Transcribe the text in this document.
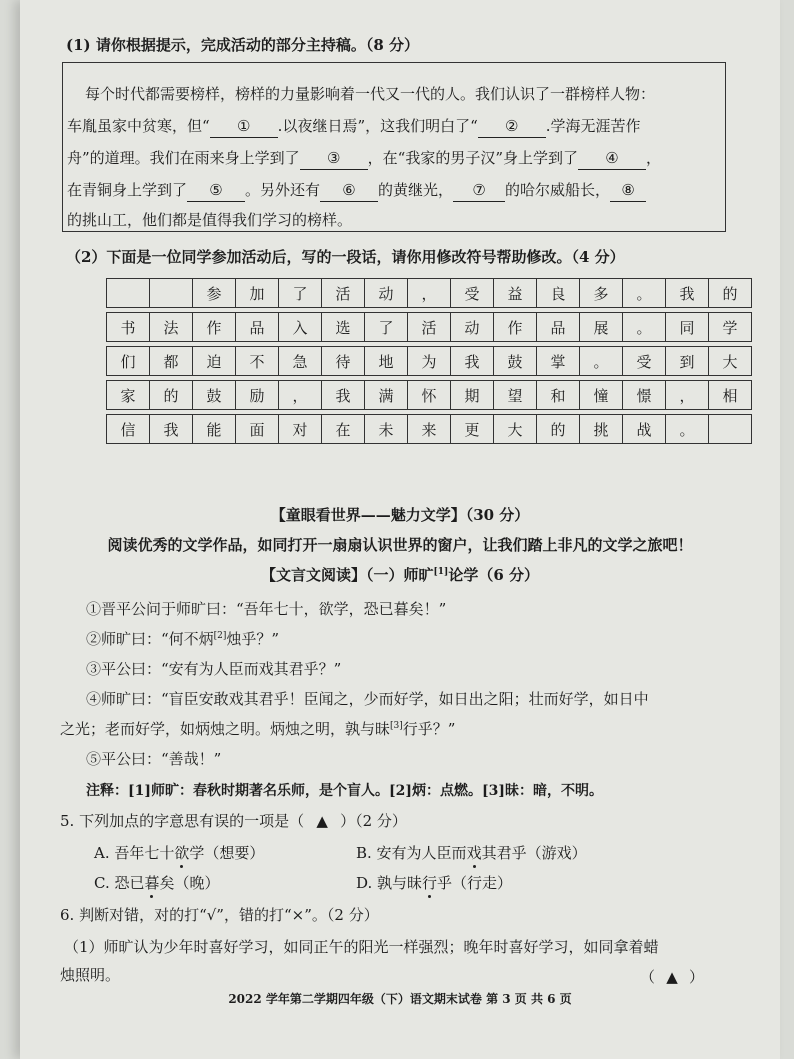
(1) 请你根据提示，完成活动的部分主持稿。（8 分）
每个时代都需要榜样，榜样的力量影响着一代又一代的人。我们认识了一群榜样人物：
车胤虽家中贫寒，但“ ① .以夜继日焉”，这我们明白了“ ② .学海无涯苦作
舟”的道理。我们在雨来身上学到了 ③ ，在“我家的男子汉”身上学到了 ④ ，
在青铜身上学到了 ⑤ 。另外还有 ⑥ 的黄继光， ⑦ 的哈尔威船长， ⑧
的挑山工，他们都是值得我们学习的榜样。
（2）下面是一位同学参加活动后，写的一段话，请你用修改符号帮助修改。（4 分）
		参	加	了	活	动	，	受	益	良	多	。	我	的

书	法	作	品	入	选	了	活	动	作	品	展	。	同	学

们	都	迫	不	急	待	地	为	我	鼓	掌	。	受	到	大

家	的	鼓	励	，	我	满	怀	期	望	和	憧	憬	，	相

信	我	能	面	对	在	未	来	更	大	的	挑	战	。	
【童眼看世界——魅力文学】（30 分）
阅读优秀的文学作品，如同打开一扇扇认识世界的窗户，让我们踏上非凡的文学之旅吧！
【文言文阅读】（一）师旷[1]论学（6 分）
①晋平公问于师旷曰：“吾年七十，欲学，恐已暮矣！”
②师旷曰：“何不炳[2]烛乎？”
③平公曰：“安有为人臣而戏其君乎？”
④师旷曰：“盲臣安敢戏其君乎！臣闻之，少而好学，如日出之阳；壮而好学，如日中
之光；老而好学，如炳烛之明。炳烛之明，孰与昧[3]行乎？”
⑤平公曰：“善哉！”
注释：[1]师旷：春秋时期著名乐师，是个盲人。[2]炳：点燃。[3]昧：暗，不明。
5. 下列加点的字意思有误的一项是（ ▲ ）（2 分）
A. 吾年七十欲学（想要）	B. 安有为人臣而戏其君乎（游戏）
C. 恐已暮矣（晚）	D. 孰与昧行乎（行走）
6. 判断对错，对的打“√”，错的打“×”。（2 分）
（1）师旷认为少年时喜好学习，如同正午的阳光一样强烈；晚年时喜好学习，如同拿着蜡
烛照明。	（ ▲ ）
2022 学年第二学期四年级（下）语文期末试卷 第 3 页 共 6 页
